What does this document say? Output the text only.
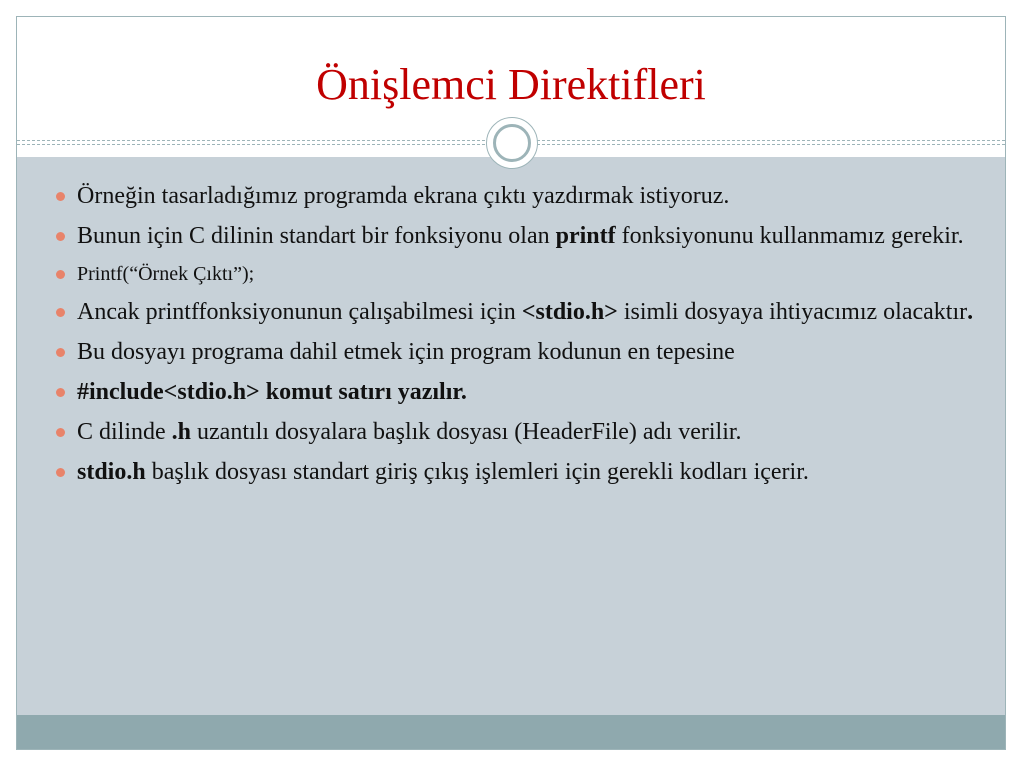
Önişlemci Direktifleri
Örneğin tasarladığımız programda ekrana çıktı yazdırmak istiyoruz.
Bunun için C dilinin standart bir fonksiyonu olan printf fonksiyonunu kullanmamız gerekir.
Printf(“Örnek Çıktı”);
Ancak printffonksiyonunun çalışabilmesi için <stdio.h> isimli dosyaya ihtiyacımız olacaktır.
Bu dosyayı programa dahil etmek için program kodunun en tepesine
#include<stdio.h> komut satırı yazılır.
C dilinde .h uzantılı dosyalara başlık dosyası (HeaderFile) adı verilir.
stdio.h başlık dosyası standart giriş çıkış işlemleri için gerekli kodları içerir.
